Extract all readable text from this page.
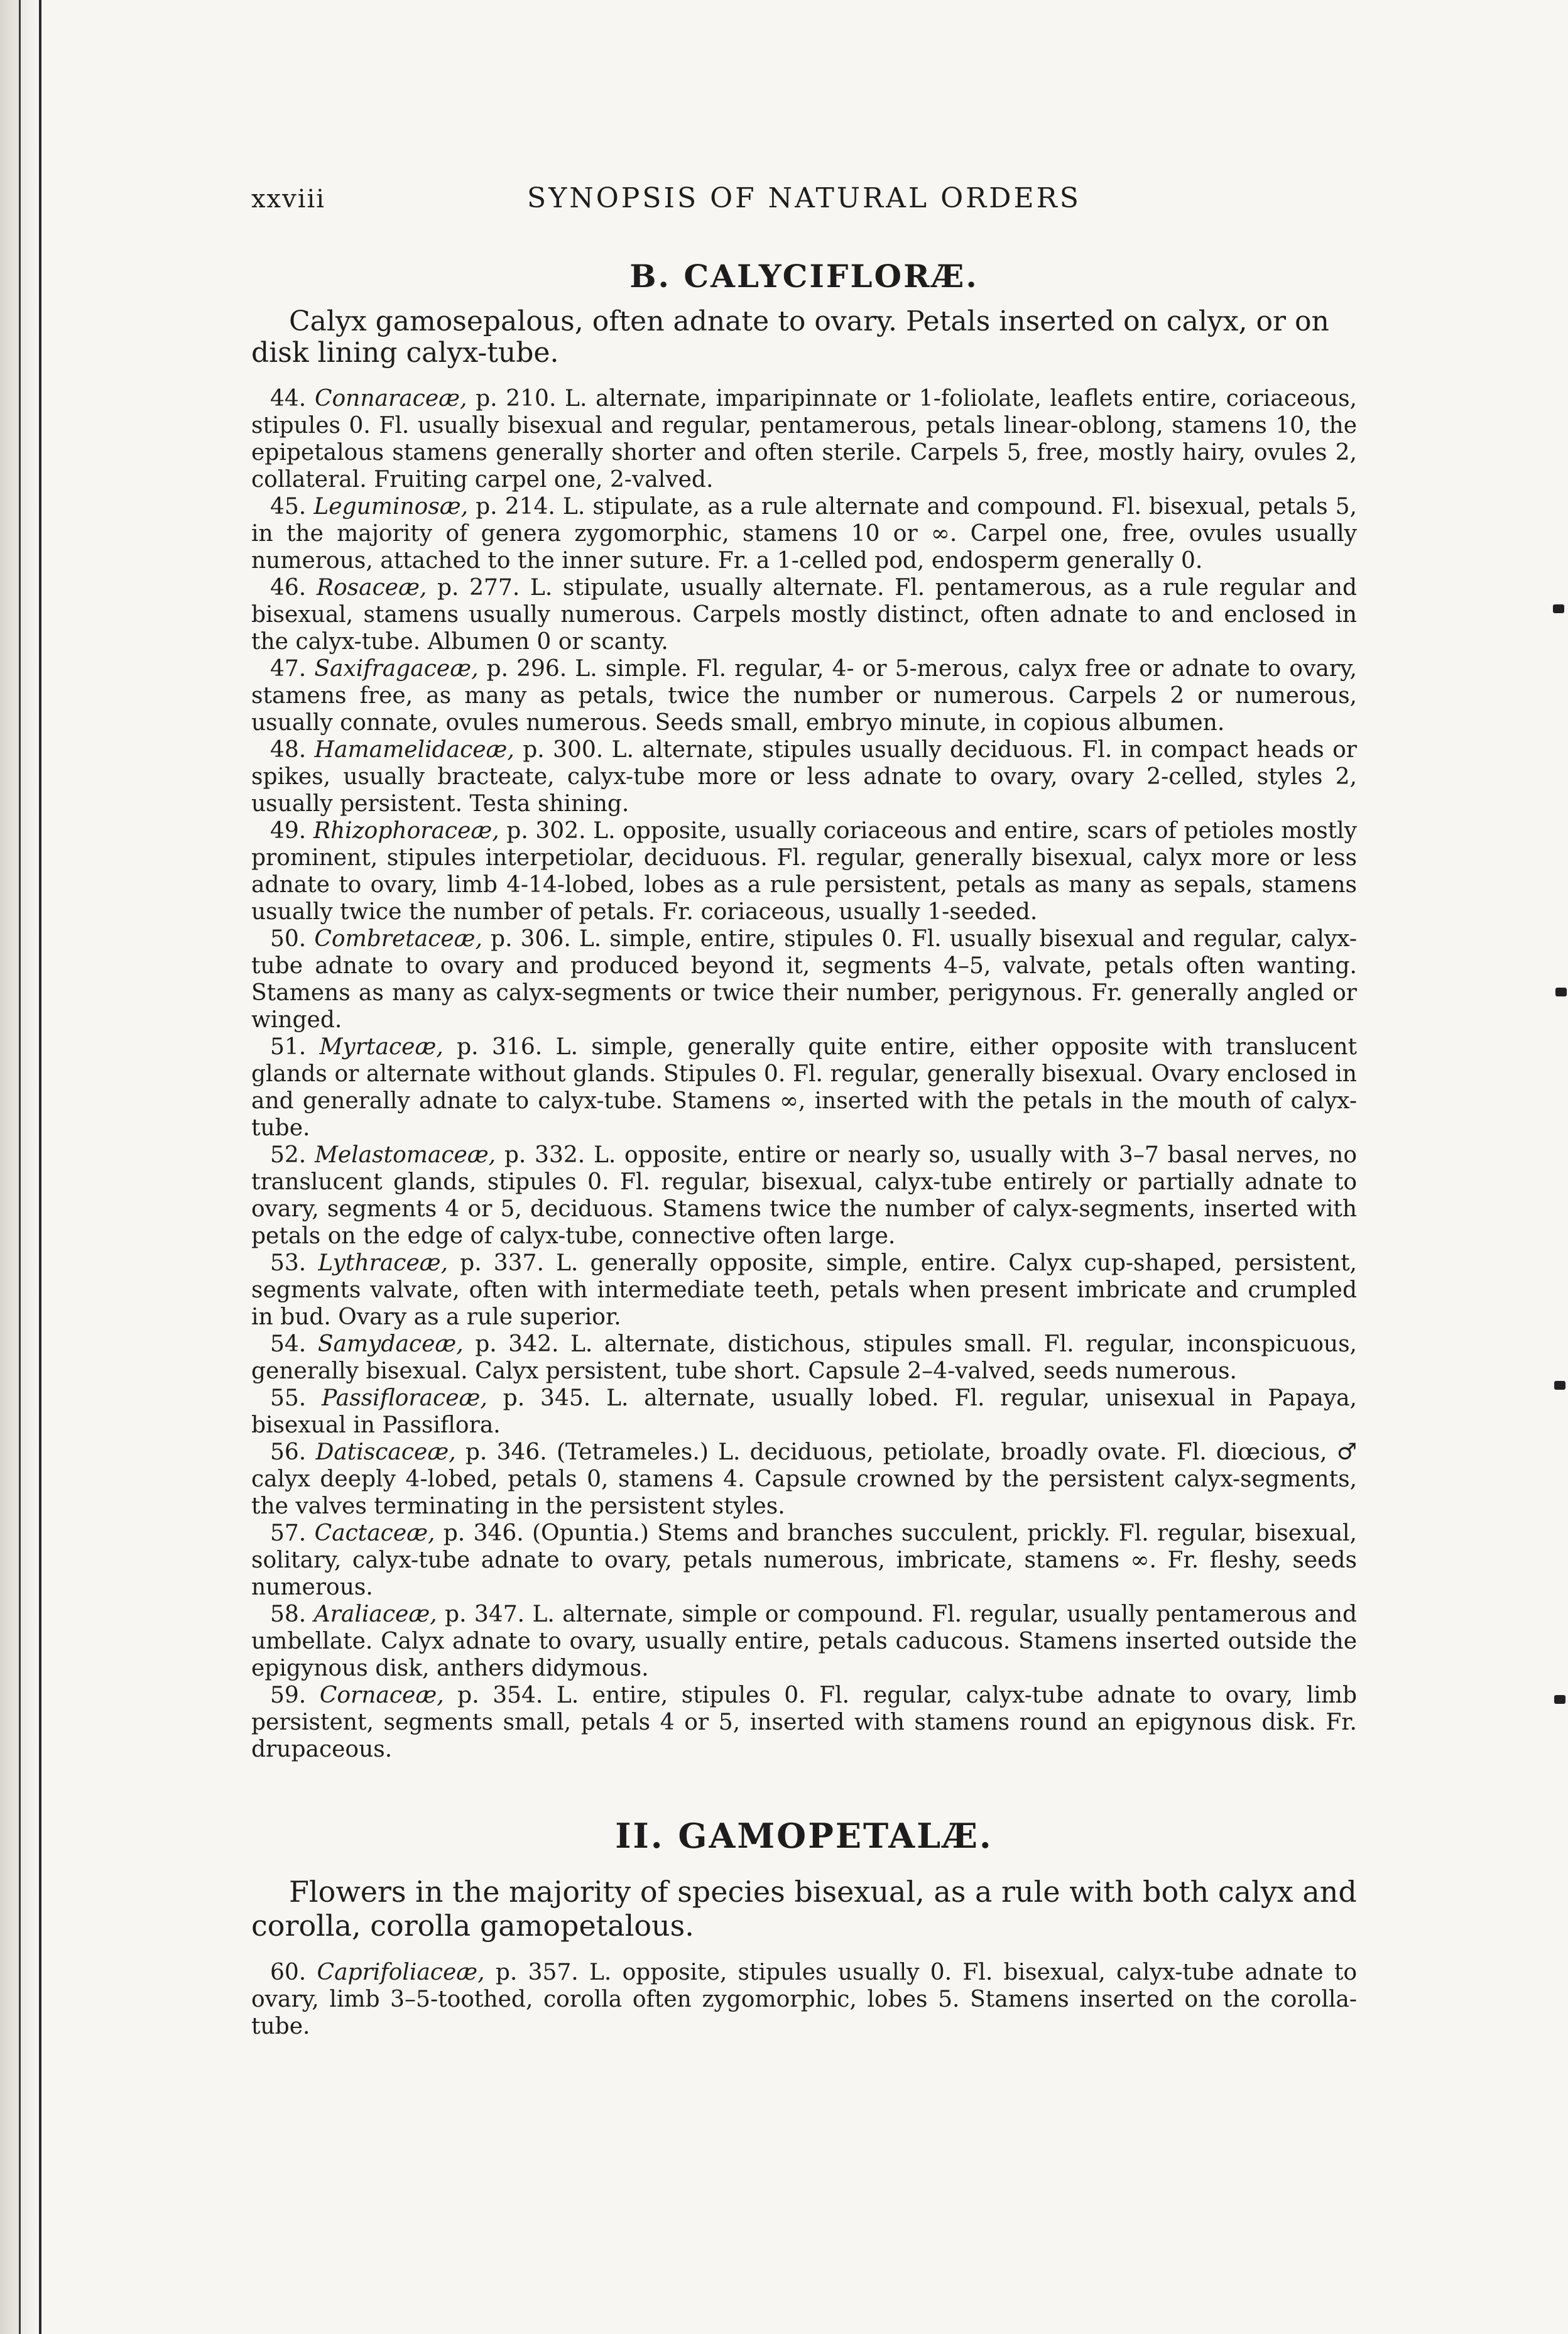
xxviii	SYNOPSIS OF NATURAL ORDERS
B. CALYCIFLORÆ.

Calyx gamosepalous, often adnate to ovary. Petals inserted on calyx, or on disk lining calyx-tube.

44. Connaraceæ, p. 210. L. alternate, imparipinnate or 1-foliolate, leaflets entire, coriaceous, stipules 0. Fl. usually bisexual and regular, pentamerous, petals linear-oblong, stamens 10, the epipetalous stamens generally shorter and often sterile. Carpels 5, free, mostly hairy, ovules 2, collateral. Fruiting carpel one, 2-valved.

45. Leguminosæ, p. 214. L. stipulate, as a rule alternate and compound. Fl. bisexual, petals 5, in the majority of genera zygomorphic, stamens 10 or ∞. Carpel one, free, ovules usually numerous, attached to the inner suture. Fr. a 1-celled pod, endosperm generally 0.

46. Rosaceæ, p. 277. L. stipulate, usually alternate. Fl. pentamerous, as a rule regular and bisexual, stamens usually numerous. Carpels mostly distinct, often adnate to and enclosed in the calyx-tube. Albumen 0 or scanty.

47. Saxifragaceæ, p. 296. L. simple. Fl. regular, 4- or 5-merous, calyx free or adnate to ovary, stamens free, as many as petals, twice the number or numerous. Carpels 2 or numerous, usually connate, ovules numerous. Seeds small, embryo minute, in copious albumen.

48. Hamamelidaceæ, p. 300. L. alternate, stipules usually deciduous. Fl. in compact heads or spikes, usually bracteate, calyx-tube more or less adnate to ovary, ovary 2-celled, styles 2, usually persistent. Testa shining.

49. Rhizophoraceæ, p. 302. L. opposite, usually coriaceous and entire, scars of petioles mostly prominent, stipules interpetiolar, deciduous. Fl. regular, generally bisexual, calyx more or less adnate to ovary, limb 4-14-lobed, lobes as a rule persistent, petals as many as sepals, stamens usually twice the number of petals. Fr. coriaceous, usually 1-seeded.

50. Combretaceæ, p. 306. L. simple, entire, stipules 0. Fl. usually bisexual and regular, calyx-tube adnate to ovary and produced beyond it, segments 4–5, valvate, petals often wanting. Stamens as many as calyx-segments or twice their number, perigynous. Fr. generally angled or winged.

51. Myrtaceæ, p. 316. L. simple, generally quite entire, either opposite with translucent glands or alternate without glands. Stipules 0. Fl. regular, generally bisexual. Ovary enclosed in and generally adnate to calyx-tube. Stamens ∞, inserted with the petals in the mouth of calyx-tube.

52. Melastomaceæ, p. 332. L. opposite, entire or nearly so, usually with 3–7 basal nerves, no translucent glands, stipules 0. Fl. regular, bisexual, calyx-tube entirely or partially adnate to ovary, segments 4 or 5, deciduous. Stamens twice the number of calyx-segments, inserted with petals on the edge of calyx-tube, connective often large.

53. Lythraceæ, p. 337. L. generally opposite, simple, entire. Calyx cup-shaped, persistent, segments valvate, often with intermediate teeth, petals when present imbricate and crumpled in bud. Ovary as a rule superior.

54. Samydaceæ, p. 342. L. alternate, distichous, stipules small. Fl. regular, inconspicuous, generally bisexual. Calyx persistent, tube short. Capsule 2–4-valved, seeds numerous.

55. Passifloraceæ, p. 345. L. alternate, usually lobed. Fl. regular, unisexual in Papaya, bisexual in Passiflora.

56. Datiscaceæ, p. 346. (Tetrameles.) L. deciduous, petiolate, broadly ovate. Fl. diœcious, ♂ calyx deeply 4-lobed, petals 0, stamens 4. Capsule crowned by the persistent calyx-segments, the valves terminating in the persistent styles.

57. Cactaceæ, p. 346. (Opuntia.) Stems and branches succulent, prickly. Fl. regular, bisexual, solitary, calyx-tube adnate to ovary, petals numerous, imbricate, stamens ∞. Fr. fleshy, seeds numerous.

58. Araliaceæ, p. 347. L. alternate, simple or compound. Fl. regular, usually pentamerous and umbellate. Calyx adnate to ovary, usually entire, petals caducous. Stamens inserted outside the epigynous disk, anthers didymous.

59. Cornaceæ, p. 354. L. entire, stipules 0. Fl. regular, calyx-tube adnate to ovary, limb persistent, segments small, petals 4 or 5, inserted with stamens round an epigynous disk. Fr. drupaceous.

II. GAMOPETALÆ.

Flowers in the majority of species bisexual, as a rule with both calyx and corolla, corolla gamopetalous.

60. Caprifoliaceæ, p. 357. L. opposite, stipules usually 0. Fl. bisexual, calyx-tube adnate to ovary, limb 3–5-toothed, corolla often zygomorphic, lobes 5. Stamens inserted on the corolla-tube.
